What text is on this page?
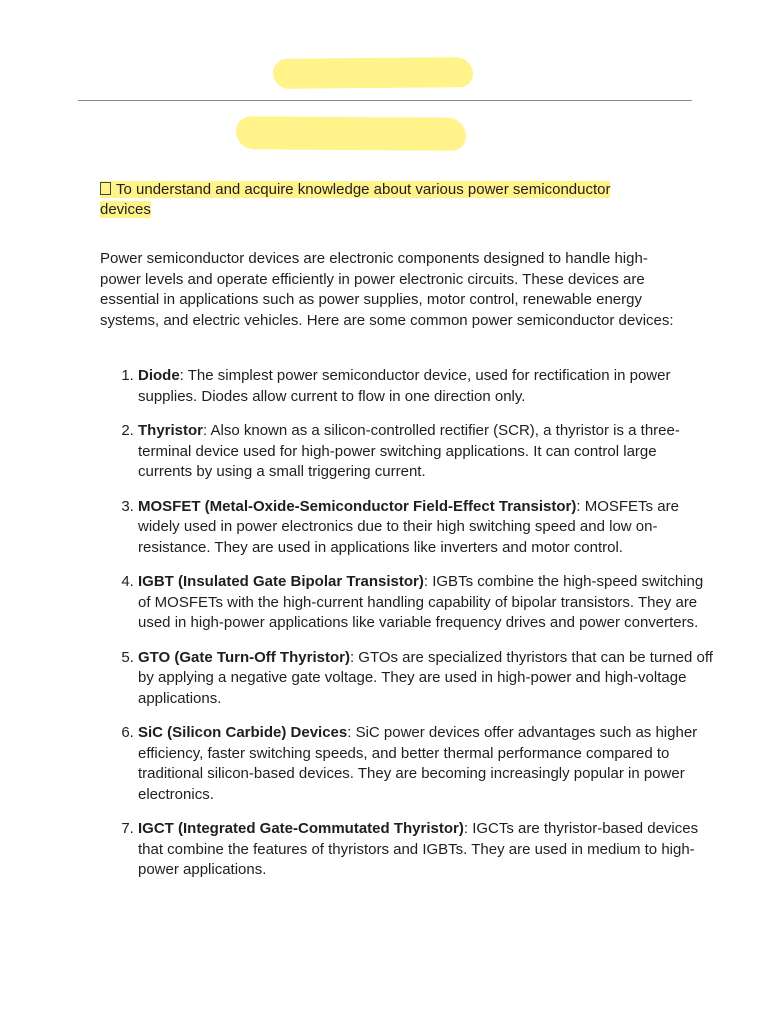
To understand and acquire knowledge about various power semiconductor devices

Power semiconductor devices are electronic components designed to handle high-power levels and operate efficiently in power electronic circuits. These devices are essential in applications such as power supplies, motor control, renewable energy systems, and electric vehicles. Here are some common power semiconductor devices:

1. Diode: The simplest power semiconductor device, used for rectification in power supplies. Diodes allow current to flow in one direction only.
2. Thyristor: Also known as a silicon-controlled rectifier (SCR), a thyristor is a three-terminal device used for high-power switching applications. It can control large currents by using a small triggering current.
3. MOSFET (Metal-Oxide-Semiconductor Field-Effect Transistor): MOSFETs are widely used in power electronics due to their high switching speed and low on-resistance. They are used in applications like inverters and motor control.
4. IGBT (Insulated Gate Bipolar Transistor): IGBTs combine the high-speed switching of MOSFETs with the high-current handling capability of bipolar transistors. They are used in high-power applications like variable frequency drives and power converters.
5. GTO (Gate Turn-Off Thyristor): GTOs are specialized thyristors that can be turned off by applying a negative gate voltage. They are used in high-power and high-voltage applications.
6. SiC (Silicon Carbide) Devices: SiC power devices offer advantages such as higher efficiency, faster switching speeds, and better thermal performance compared to traditional silicon-based devices. They are becoming increasingly popular in power electronics.
7. IGCT (Integrated Gate-Commutated Thyristor): IGCTs are thyristor-based devices that combine the features of thyristors and IGBTs. They are used in medium to high-power applications.
